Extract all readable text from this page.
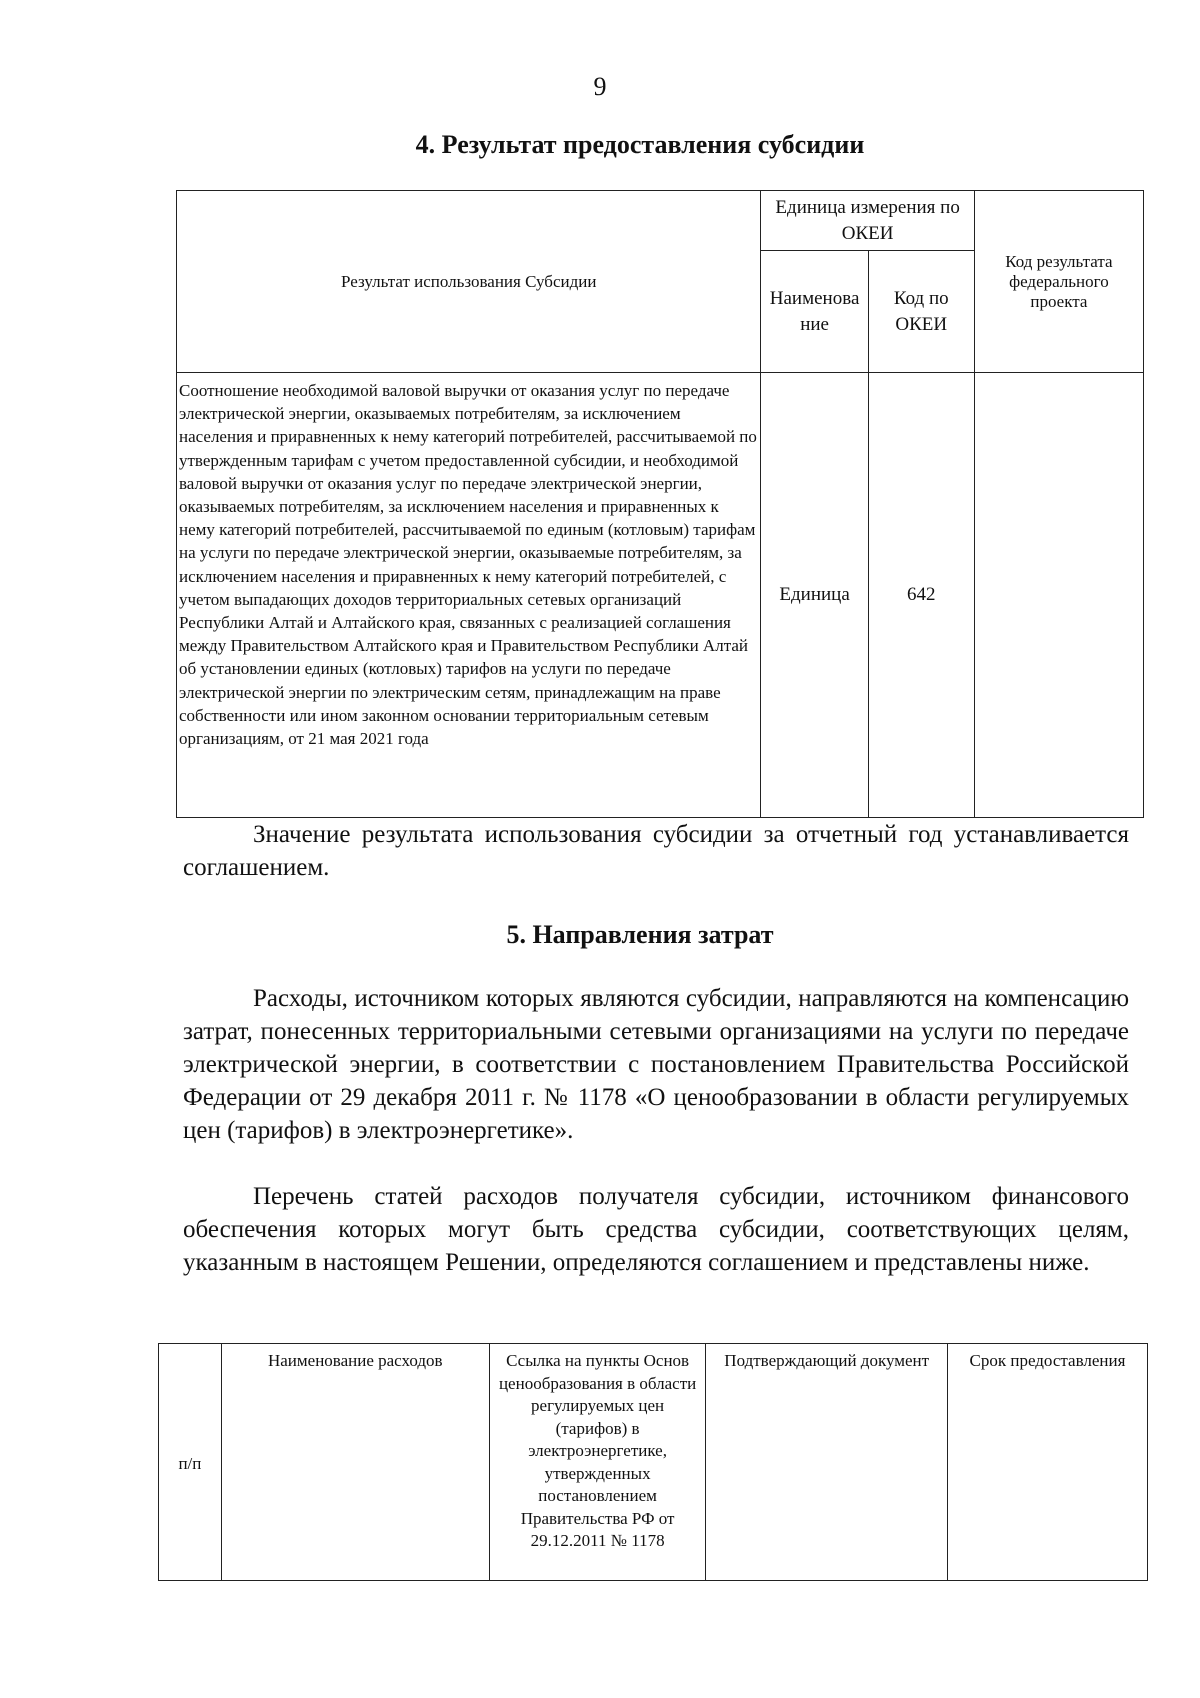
9
4. Результат предоставления субсидии
Результат использования Субсидии	Единица измерения по ОКЕИ		Код результата федерального проекта
	Наименование	Код по ОКЕИ	
Соотношение необходимой валовой выручки от оказания услуг по передаче электрической энергии, оказываемых потребителям, за исключением населения и приравненных к нему категорий потребителей, рассчитываемой по утвержденным тарифам с учетом предоставленной субсидии, и необходимой валовой выручки от оказания услуг по передаче электрической энергии, оказываемых потребителям, за исключением населения и приравненных к нему категорий потребителей, рассчитываемой по единым (котловым) тарифам на услуги по передаче электрической энергии, оказываемые потребителям, за исключением населения и приравненных к нему категорий потребителей, с учетом выпадающих доходов территориальных сетевых организаций Республики Алтай и Алтайского края, связанных с реализацией соглашения между Правительством Алтайского края и Правительством Республики Алтай об установлении единых (котловых) тарифов на услуги по передаче электрической энергии по электрическим сетям, принадлежащим на праве собственности или ином законном основании территориальным сетевым организациям, от 21 мая 2021 года	Единица	642	
Значение результата использования субсидии за отчетный год устанавливается соглашением.
5. Направления затрат
Расходы, источником которых являются субсидии, направляются на компенсацию затрат, понесенных территориальными сетевыми организациями на услуги по передаче электрической энергии, в соответствии с постановлением Правительства Российской Федерации от 29 декабря 2011 г. № 1178 «О ценообразовании в области регулируемых цен (тарифов) в электроэнергетике».
Перечень статей расходов получателя субсидии, источником финансового обеспечения которых могут быть средства субсидии, соответствующих целям, указанным в настоящем Решении, определяются соглашением и представлены ниже.
п/п	Наименование расходов	Ссылка на пункты Основ ценообразования в области регулируемых цен (тарифов) в электроэнергетике, утвержденных постановлением Правительства РФ от 29.12.2011 № 1178	Подтверждающий документ	Срок предоставления
